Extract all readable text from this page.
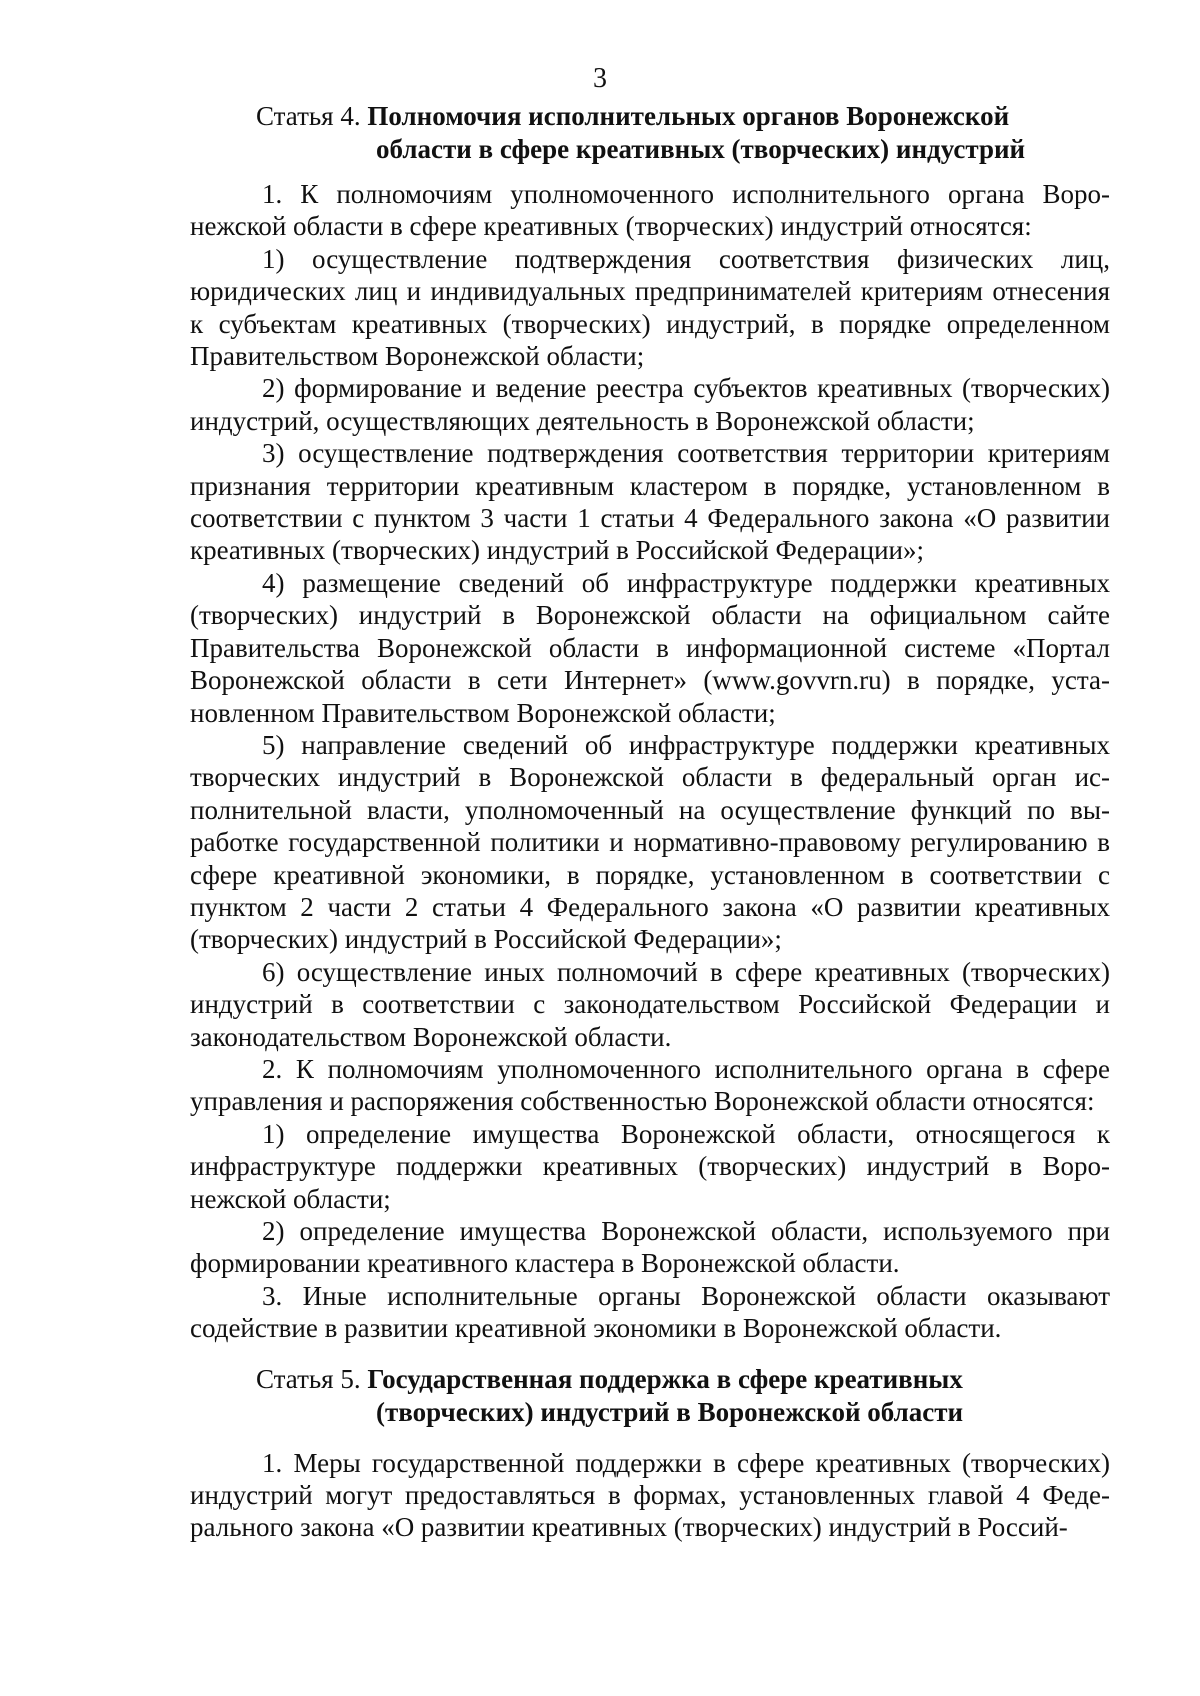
3
Статья 4. Полномочия исполнительных органов Воронежской
области в сфере креативных (творческих) индустрий

1. К полномочиям уполномоченного исполнительного органа Воронежской области в сфере креативных (творческих) индустрий относятся:

1) осуществление подтверждения соответствия физических лиц, юридических лиц и индивидуальных предпринимателей критериям отнесения к субъектам креативных (творческих) индустрий, в порядке определенном Правительством Воронежской области;

2) формирование и ведение реестра субъектов креативных (творческих) индустрий, осуществляющих деятельность в Воронежской области;

3) осуществление подтверждения соответствия территории критериям признания территории креативным кластером в порядке, установленном в соответствии с пунктом 3 части 1 статьи 4 Федерального закона «О развитии креативных (творческих) индустрий в Российской Федерации»;

4) размещение сведений об инфраструктуре поддержки креативных (творческих) индустрий в Воронежской области на официальном сайте Правительства Воронежской области в информационной системе «Портал Воронежской области в сети Интернет» (www.govvrn.ru) в порядке, установленном Правительством Воронежской области;

5) направление сведений об инфраструктуре поддержки креативных творческих индустрий в Воронежской области в федеральный орган исполнительной власти, уполномоченный на осуществление функций по выработке государственной политики и нормативно-правовому регулированию в сфере креативной экономики, в порядке, установленном в соответствии с пунктом 2 части 2 статьи 4 Федерального закона «О развитии креативных (творческих) индустрий в Российской Федерации»;

6) осуществление иных полномочий в сфере креативных (творческих) индустрий в соответствии с законодательством Российской Федерации и законодательством Воронежской области.

2. К полномочиям уполномоченного исполнительного органа в сфере управления и распоряжения собственностью Воронежской области относятся:

1) определение имущества Воронежской области, относящегося к инфраструктуре поддержки креативных (творческих) индустрий в Воронежской области;

2) определение имущества Воронежской области, используемого при формировании креативного кластера в Воронежской области.

3. Иные исполнительные органы Воронежской области оказывают содействие в развитии креативной экономики в Воронежской области.

Статья 5. Государственная поддержка в сфере креативных
(творческих) индустрий в Воронежской области

1. Меры государственной поддержки в сфере креативных (творческих) индустрий могут предоставляться в формах, установленных главой 4 Федерального закона «О развитии креативных (творческих) индустрий в Россий-
